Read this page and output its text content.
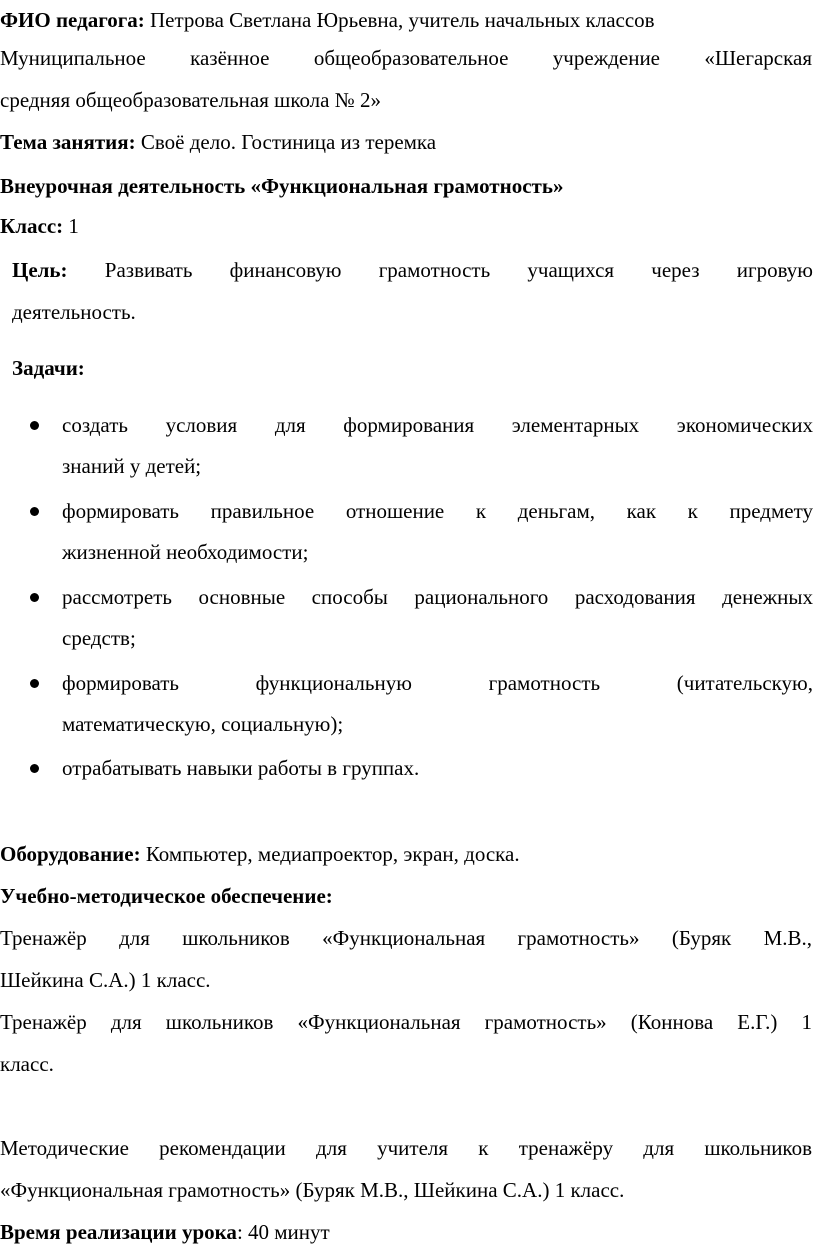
ФИО педагога: Петрова Светлана Юрьевна, учитель начальных классов
Муниципальное казённое общеобразовательное учреждение «Шегарская
средняя общеобразовательная школа № 2»
Тема занятия: Своё дело. Гостиница из теремка
Внеурочная деятельность «Функциональная грамотность»
Класс: 1
Цель: Развивать финансовую грамотность учащихся через игровую
деятельность.
Задачи:
создать условия для формирования элементарных экономических
знаний у детей;
формировать правильное отношение к деньгам, как к предмету
жизненной необходимости;
рассмотреть основные способы рационального расходования денежных
средств;
формировать функциональную грамотность (читательскую,
математическую, социальную);
отрабатывать навыки работы в группах.
Оборудование: Компьютер, медиапроектор, экран, доска.
Учебно-методическое обеспечение:
Тренажёр для школьников «Функциональная грамотность» (Буряк М.В.,
Шейкина С.А.) 1 класс.
Тренажёр для школьников «Функциональная грамотность» (Коннова Е.Г.) 1
класс.
Методические рекомендации для учителя к тренажёру для школьников
«Функциональная грамотность» (Буряк М.В., Шейкина С.А.) 1 класс.
Время реализации урока: 40 минут
